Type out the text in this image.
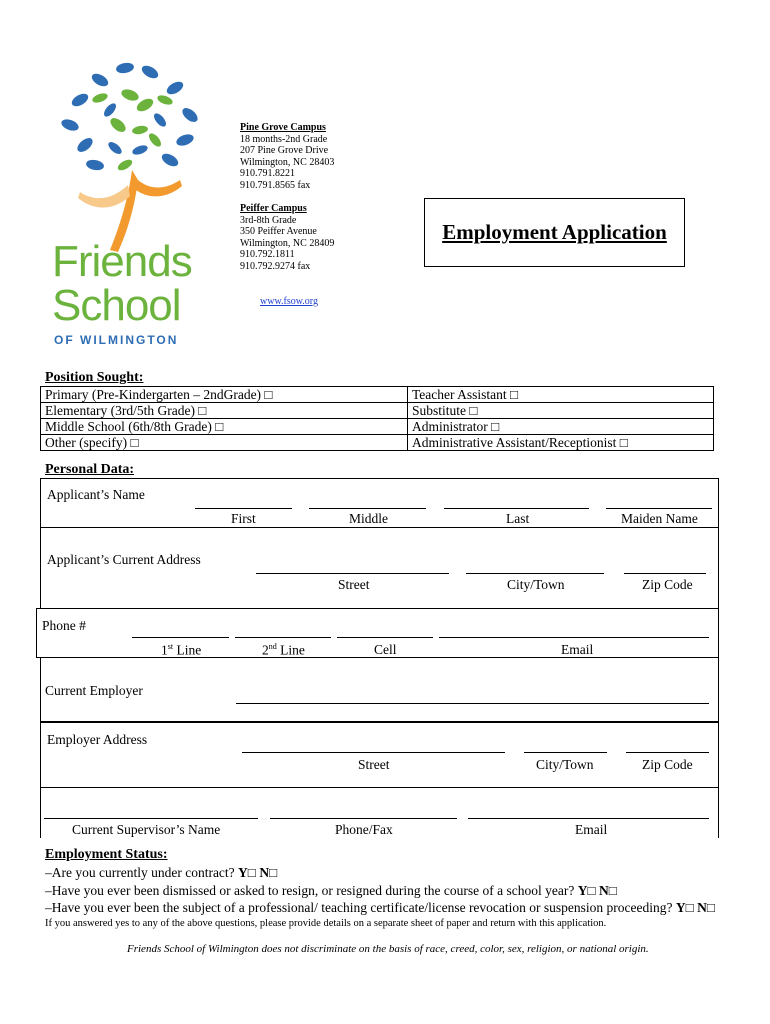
Friends
School
OF WILMINGTON
Pine Grove Campus
18 months-2nd Grade
207 Pine Grove Drive
Wilmington, NC 28403
910.791.8221
910.791.8565 fax
Peiffer Campus
3rd-8th Grade
350 Peiffer Avenue
Wilmington, NC 28409
910.792.1811
910.792.9274 fax
www.fsow.org
Employment Application
Position Sought:
Primary (Pre-Kindergarten – 2ndGrade) □	Teacher Assistant □
Elementary (3rd/5th Grade) □	Substitute □
Middle School (6th/8th Grade) □	Administrator □
Other (specify) □	Administrative Assistant/Receptionist □
Personal Data:
Applicant’s Name
First	Middle	Last	Maiden Name
Applicant’s Current Address
Street	City/Town	Zip Code
Phone #
1st Line	2nd Line	Cell	Email
Current Employer
Employer Address
Street	City/Town	Zip Code
Current Supervisor’s Name	Phone/Fax	Email
Employment Status:
–Are you currently under contract? Y□ N□
–Have you ever been dismissed or asked to resign, or resigned during the course of a school year? Y□ N□
–Have you ever been the subject of a professional/ teaching certificate/license revocation or suspension proceeding? Y□ N□
If you answered yes to any of the above questions, please provide details on a separate sheet of paper and return with this application.
Friends School of Wilmington does not discriminate on the basis of race, creed, color, sex, religion, or national origin.
